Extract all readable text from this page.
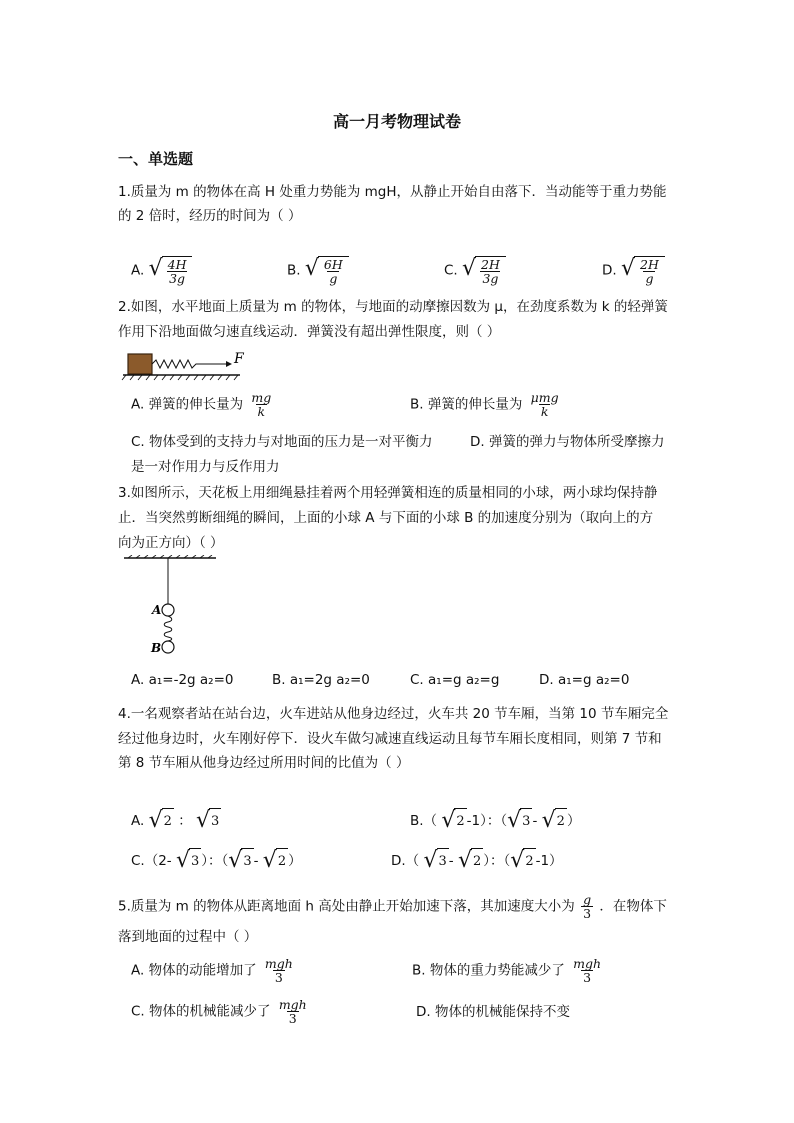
高一月考物理试卷
一、单选题
1.质量为 m 的物体在高 H 处重力势能为 mgH，从静止开始自由落下．当动能等于重力势能
的 2 倍时，经历的时间为（ ）
A. √ $\frac{4H}{3g}$	B. √ $\frac{6H}{g}$	C. √ $\frac{2H}{3g}$	D. √ $\frac{2H}{g}$
2.如图，水平地面上质量为 m 的物体，与地面的动摩擦因数为 μ，在劲度系数为 k 的轻弹簧
作用下沿地面做匀速直线运动．弹簧没有超出弹性限度，则（ ）
F
A. 弹簧的伸长量为 $\frac{mg}{k}$	B. 弹簧的伸长量为 $\frac{\text{μmg}}{k}$
C. 物体受到的支持力与对地面的压力是一对平衡力	D. 弹簧的弹力与物体所受摩擦力
是一对作用力与反作用力
3.如图所示，天花板上用细绳悬挂着两个用轻弹簧相连的质量相同的小球，两小球均保持静
止．当突然剪断细绳的瞬间，上面的小球 A 与下面的小球 B 的加速度分别为（取向上的方
向为正方向）（ ）
A
B
A. a₁=-2g a₂=0	B. a₁=2g a₂=0	C. a₁=g a₂=g	D. a₁=g a₂=0
4.一名观察者站在站台边，火车进站从他身边经过，火车共 20 节车厢，当第 10 节车厢完全
经过他身边时，火车刚好停下．设火车做匀减速直线运动且每节车厢长度相同，则第 7 节和
第 8 节车厢从他身边经过所用时间的比值为（ ）
A. √ 2 ： √ 3	B.（ √ 2 -1）：（ √ 3 - √ 2 ）
C.（2- √ 3 ）：（ √ 3 - √ 2 ）	D.（ √ 3 - √ 2 ）：（ √ 2 -1）
5.质量为 m 的物体从距离地面 h 高处由静止开始加速下落，其加速度大小为 $\frac{g}{3}$ ．在物体下
落到地面的过程中（ ）
A. 物体的动能增加了 $\frac{\text{mgh}}{3}$	B. 物体的重力势能减少了 $\frac{\text{mgh}}{3}$
C. 物体的机械能减少了 $\frac{\text{mgh}}{3}$	D. 物体的机械能保持不变
